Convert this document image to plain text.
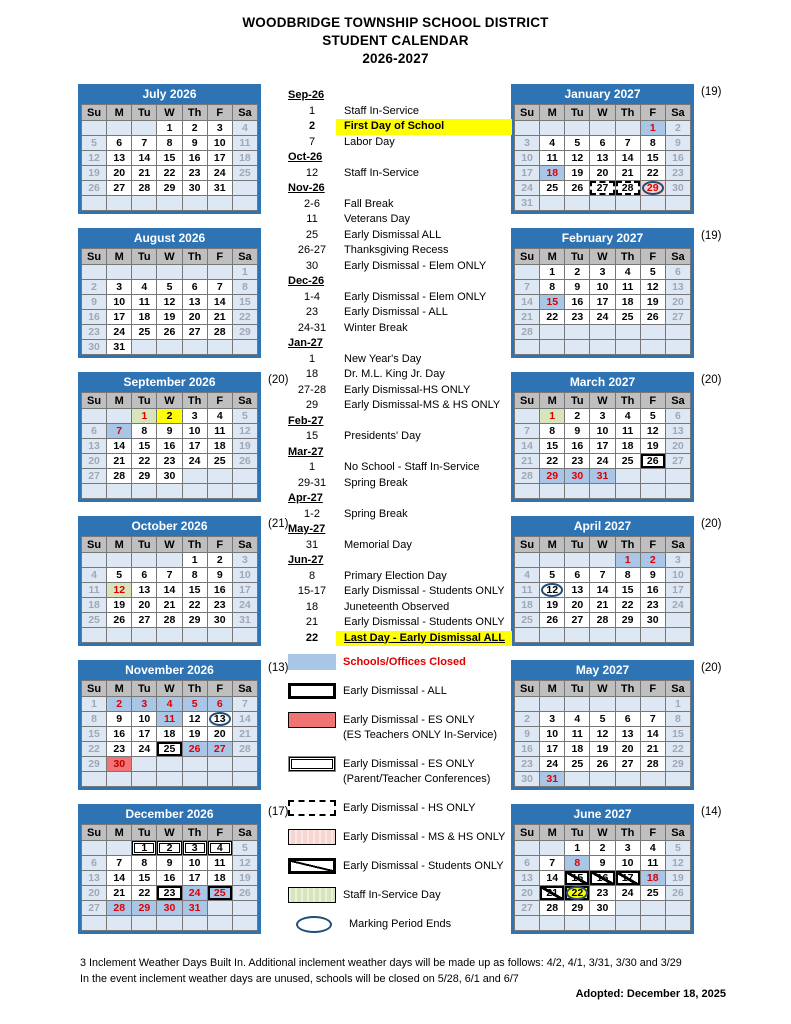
WOODBRIDGE TOWNSHIP SCHOOL DISTRICT
STUDENT CALENDAR
2026-2027
July 2026
Su	M	Tu	W	Th	F	Sa
			1	2	3	4
5	6	7	8	9	10	11
12	13	14	15	16	17	18
19	20	21	22	23	24	25
26	27	28	29	30	31	

August 2026
Su	M	Tu	W	Th	F	Sa
						1
2	3	4	5	6	7	8
9	10	11	12	13	14	15
16	17	18	19	20	21	22
23	24	25	26	27	28	29
30	31					
September 2026	(20)
Su	M	Tu	W	Th	F	Sa
		1	2	3	4	5
6	7	8	9	10	11	12
13	14	15	16	17	18	19
20	21	22	23	24	25	26
27	28	29	30			

October 2026	(21)
Su	M	Tu	W	Th	F	Sa
				1	2	3
4	5	6	7	8	9	10
11	12	13	14	15	16	17
18	19	20	21	22	23	24
25	26	27	28	29	30	31

November 2026	(13)
Su	M	Tu	W	Th	F	Sa
1	2	3	4	5	6	7
8	9	10	11	12	13	14
15	16	17	18	19	20	21
22	23	24	25	26	27	28
29	30					

December 2026	(17)
Su	M	Tu	W	Th	F	Sa
		1	2	3	4	5
6	7	8	9	10	11	12
13	14	15	16	17	18	19
20	21	22	23	24	25	26
27	28	29	30	31		

January 2027	(19)
Su	M	Tu	W	Th	F	Sa
					1	2
3	4	5	6	7	8	9
10	11	12	13	14	15	16
17	18	19	20	21	22	23
24	25	26	27	28	29	30
31						
February 2027	(19)
Su	M	Tu	W	Th	F	Sa
	1	2	3	4	5	6
7	8	9	10	11	12	13
14	15	16	17	18	19	20
21	22	23	24	25	26	27
28						

March 2027	(20)
Su	M	Tu	W	Th	F	Sa
	1	2	3	4	5	6
7	8	9	10	11	12	13
14	15	16	17	18	19	20
21	22	23	24	25	26	27
28	29	30	31			

April 2027	(20)
Su	M	Tu	W	Th	F	Sa
				1	2	3
4	5	6	7	8	9	10
11	12	13	14	15	16	17
18	19	20	21	22	23	24
25	26	27	28	29	30	

May 2027	(20)
Su	M	Tu	W	Th	F	Sa
						1
2	3	4	5	6	7	8
9	10	11	12	13	14	15
16	17	18	19	20	21	22
23	24	25	26	27	28	29
30	31					
June 2027	(14)
Su	M	Tu	W	Th	F	Sa
		1	2	3	4	5
6	7	8	9	10	11	12
13	14	15	16	17	18	19
20	21	22	23	24	25	26
27	28	29	30			

Sep-26
1	Staff In-Service
2	First Day of School
7	Labor Day
Oct-26
12	Staff In-Service
Nov-26
2-6	Fall Break
11	Veterans Day
25	Early Dismissal ALL
26-27	Thanksgiving Recess
30	Early Dismissal - Elem ONLY
Dec-26
1-4	Early Dismissal - Elem ONLY
23	Early Dismissal - ALL
24-31	Winter Break
Jan-27
1	New Year's Day
18	Dr. M.L. King Jr. Day
27-28	Early Dismissal-HS ONLY
29	Early Dismissal-MS & HS ONLY
Feb-27
15	Presidents' Day
Mar-27
1	No School - Staff In-Service
29-31	Spring Break
Apr-27
1-2	Spring Break
May-27
31	Memorial Day
Jun-27
8	Primary Election Day
15-17	Early Dismissal - Students ONLY
18	Juneteenth Observed
21	Early Dismissal - Students ONLY
22	Last Day - Early Dismissal ALL
Schools/Offices Closed
Early Dismissal - ALL
Early Dismissal - ES ONLY
(ES Teachers ONLY In-Service)
Early Dismissal - ES ONLY
(Parent/Teacher Conferences)
Early Dismissal - HS ONLY
Early Dismissal - MS & HS ONLY
Early Dismissal - Students ONLY
Staff In-Service Day
Marking Period Ends
3 Inclement Weather Days Built In. Additional inclement weather days will be made up as follows: 4/2, 4/1, 3/31, 3/30 and 3/29
In the event inclement weather days are unused, schools will be closed on 5/28, 6/1 and 6/7
Adopted: December 18, 2025
